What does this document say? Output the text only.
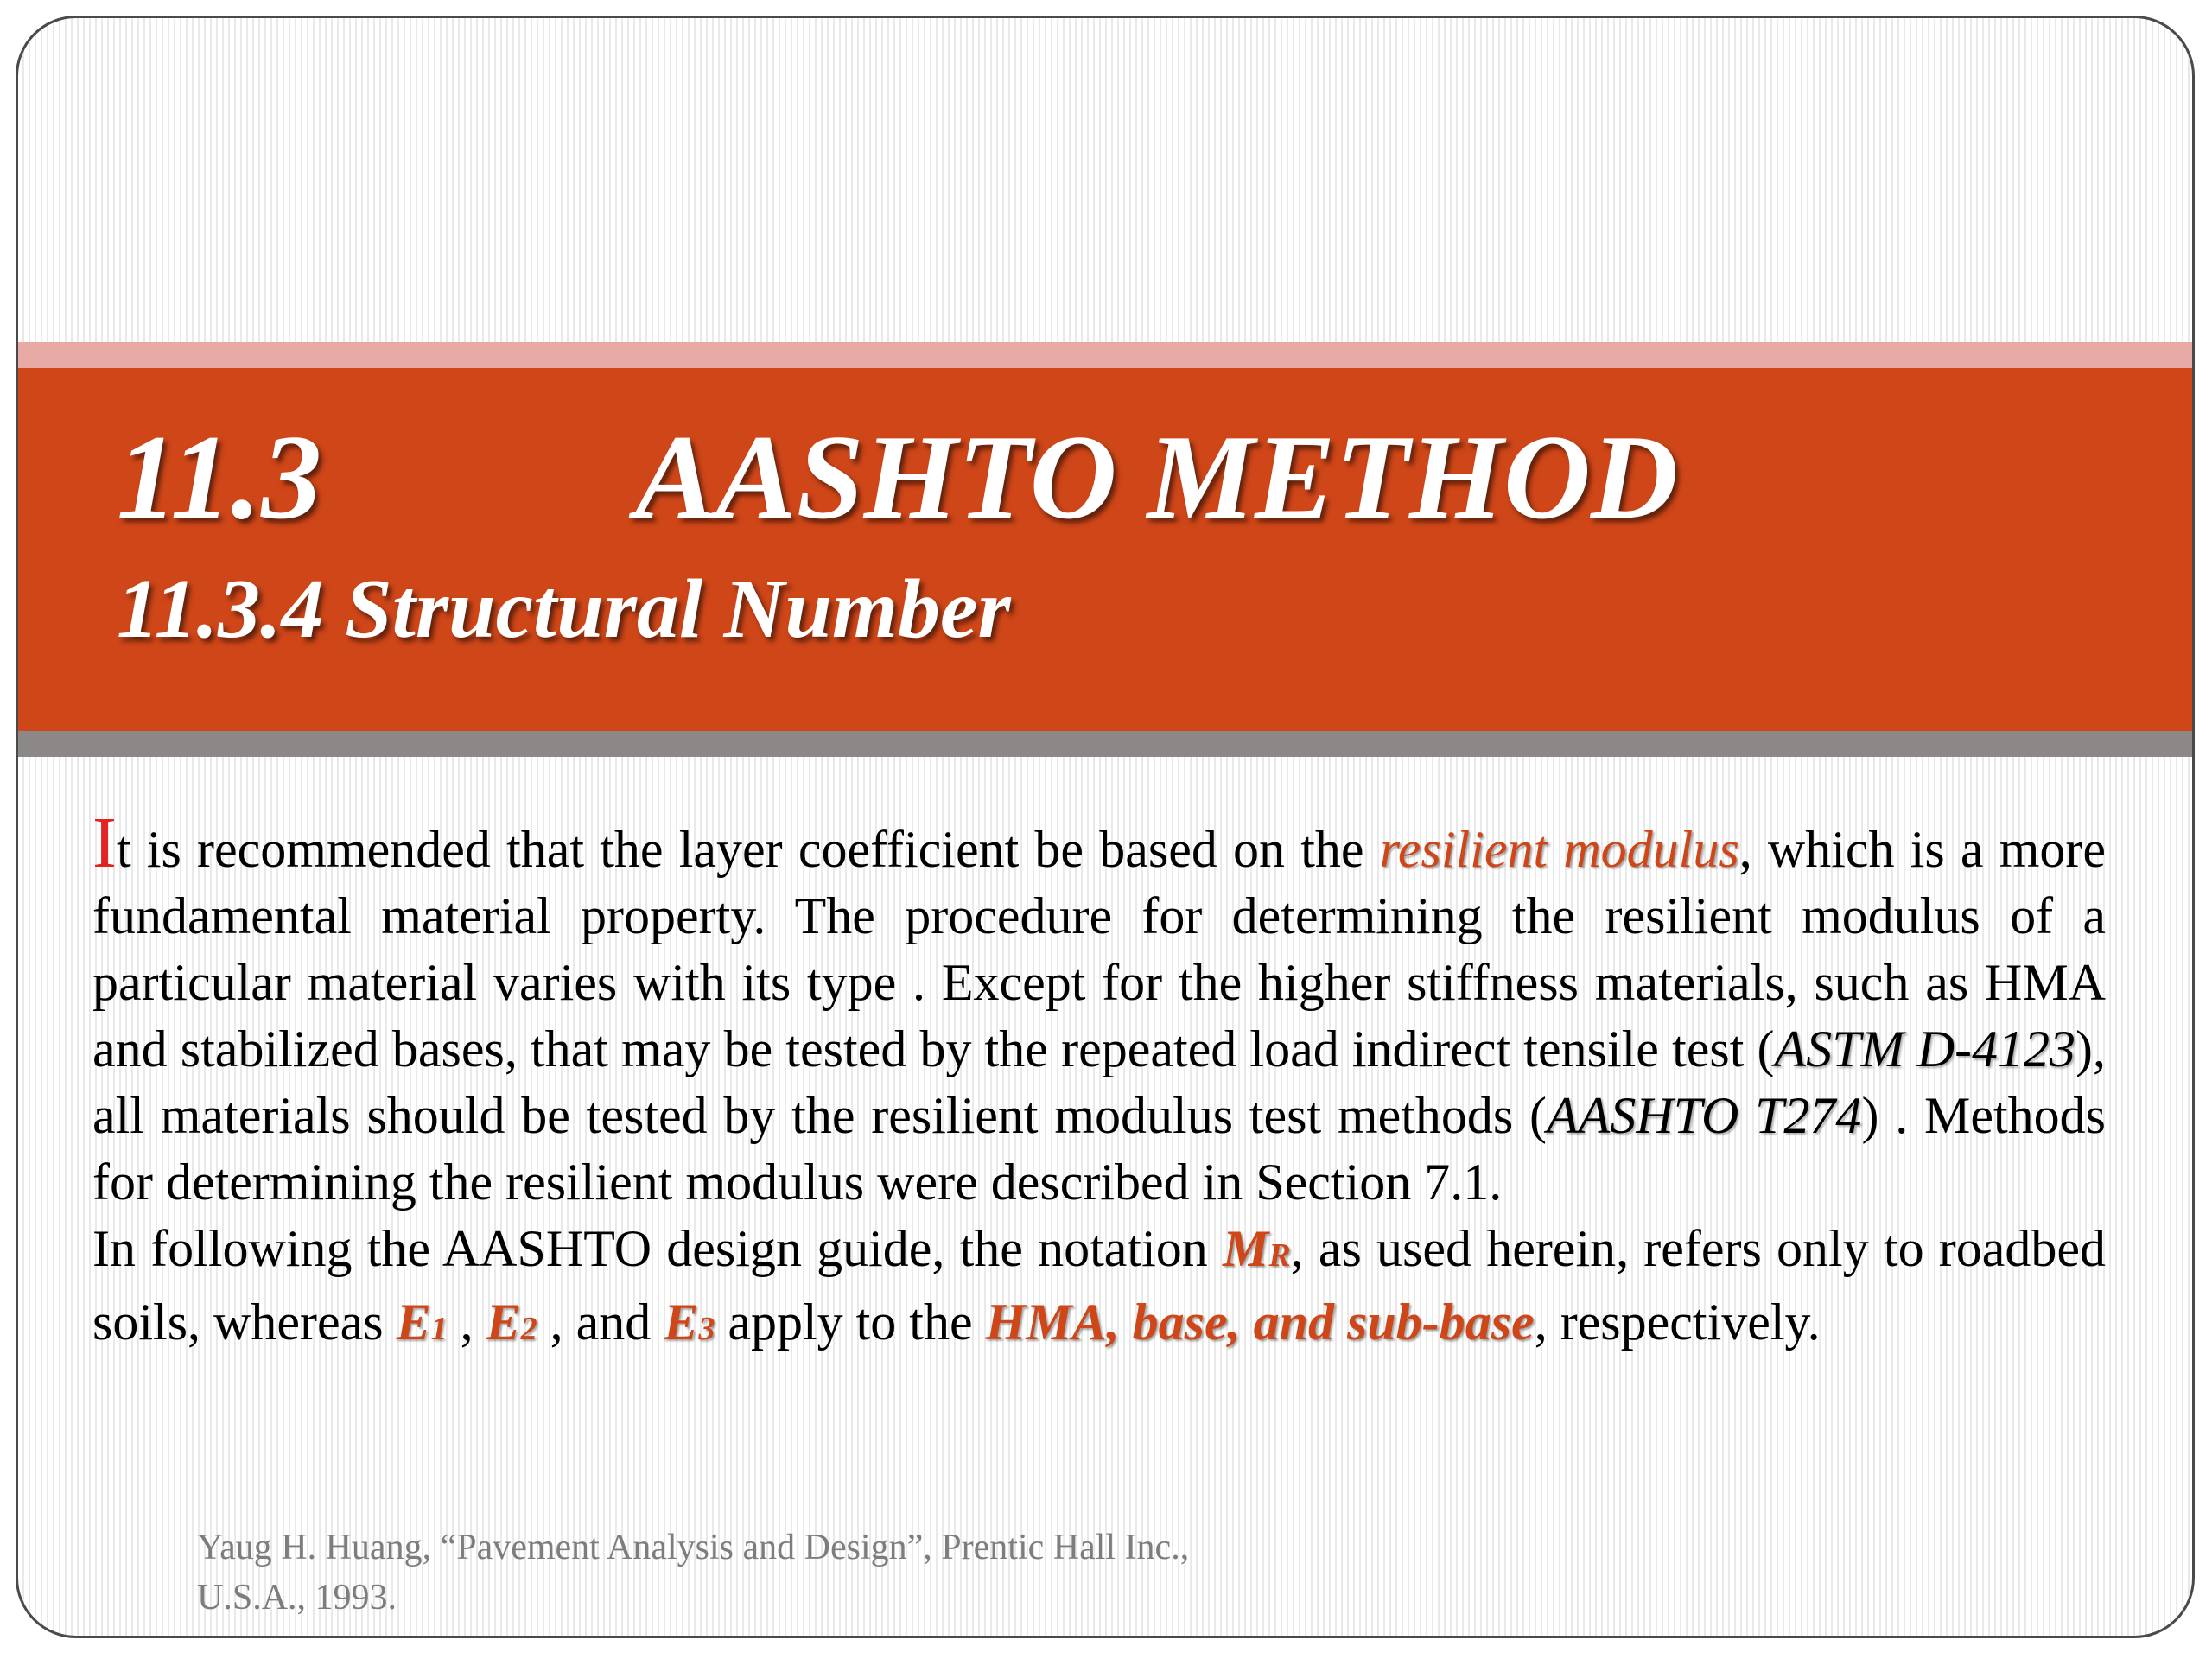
11.3	AASHTO METHOD
11.3.4 Structural Number

It is recommended that the layer coefficient be based on the resilient modulus, which is a more fundamental material property. The procedure for determining the resilient modulus of a particular material varies with its type . Except for the higher stiffness materials, such as HMA and stabilized bases, that may be tested by the repeated load indirect tensile test (ASTM D-4123), all materials should be tested by the resilient modulus test methods (AASHTO T274) . Methods for determining the resilient modulus were described in Section 7.1.

In following the AASHTO design guide, the notation MR, as used herein, refers only to roadbed soils, whereas E1 , E2 , and E3 apply to the HMA, base, and sub-base, respectively.

Yaug H. Huang, “Pavement Analysis and Design”, Prentic Hall Inc.,
U.S.A., 1993.
